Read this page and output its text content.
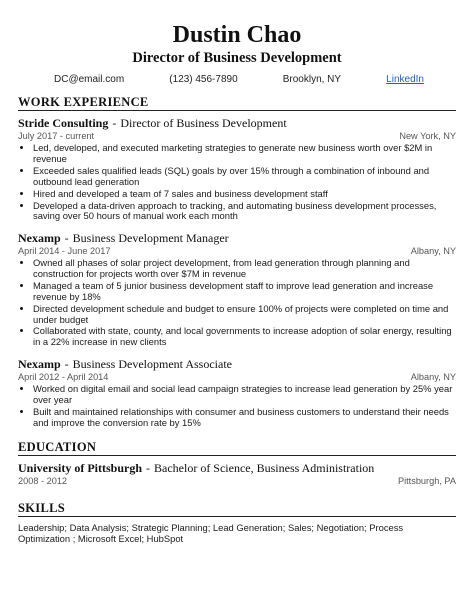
Dustin Chao
Director of Business Development
DC@email.com	(123) 456-7890	Brooklyn, NY	LinkedIn
WORK EXPERIENCE
Stride Consulting - Director of Business Development
July 2017 - current	New York, NY
• Led, developed, and executed marketing strategies to generate new business worth over $2M in revenue
• Exceeded sales qualified leads (SQL) goals by over 15% through a combination of inbound and outbound lead generation
• Hired and developed a team of 7 sales and business development staff
• Developed a data-driven approach to tracking, and automating business development processes, saving over 50 hours of manual work each month
Nexamp - Business Development Manager
April 2014 - June 2017	Albany, NY
• Owned all phases of solar project development, from lead generation through planning and construction for projects worth over $7M in revenue
• Managed a team of 5 junior business development staff to improve lead generation and increase revenue by 18%
• Directed development schedule and budget to ensure 100% of projects were completed on time and under budget
• Collaborated with state, county, and local governments to increase adoption of solar energy, resulting in a 22% increase in new clients
Nexamp - Business Development Associate
April 2012 - April 2014	Albany, NY
• Worked on digital email and social lead campaign strategies to increase lead generation by 25% year over year
• Built and maintained relationships with consumer and business customers to understand their needs and improve the conversion rate by 15%
EDUCATION
University of Pittsburgh - Bachelor of Science, Business Administration
2008 - 2012	Pittsburgh, PA
SKILLS
Leadership; Data Analysis; Strategic Planning; Lead Generation; Sales; Negotiation; Process Optimization ; Microsoft Excel; HubSpot
